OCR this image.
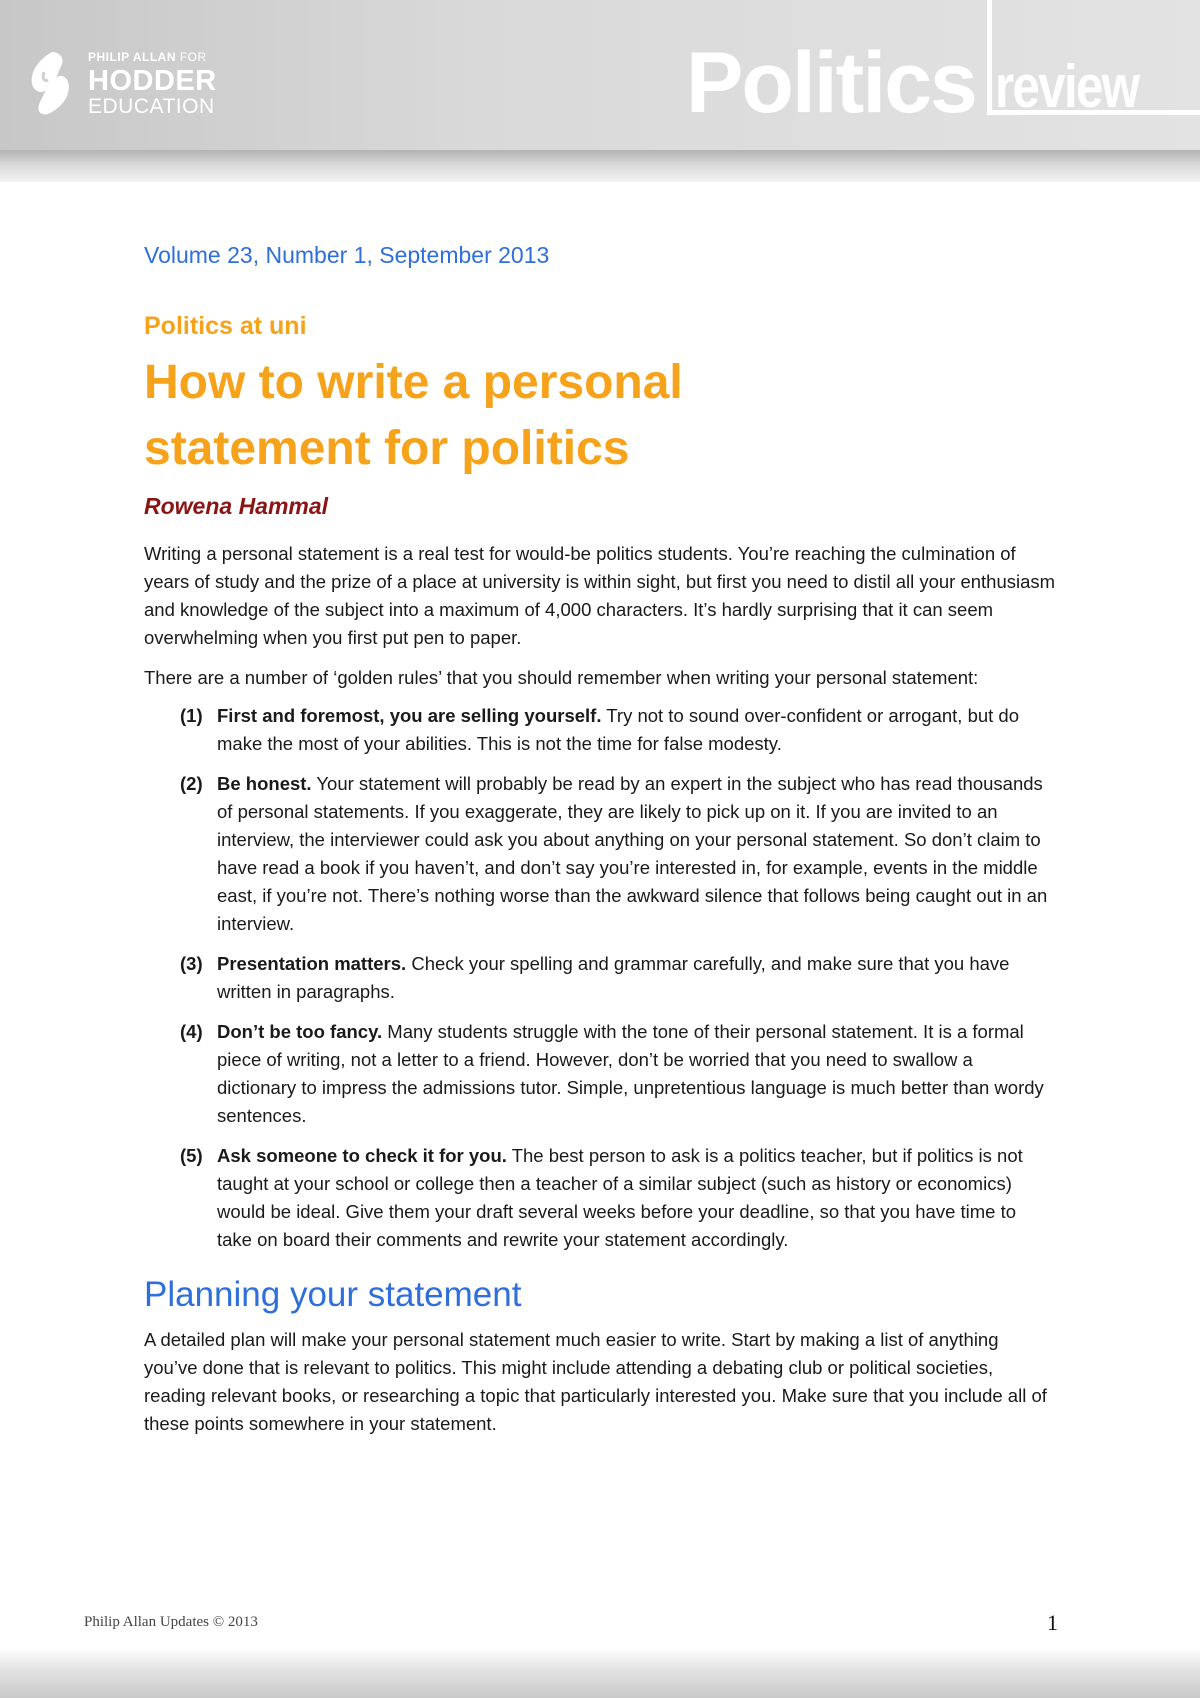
PHILIP ALLAN FOR
HODDER
EDUCATION	Politics review

Volume 23, Number 1, September 2013

Politics at uni

How to write a personal statement for politics

Rowena Hammal

Writing a personal statement is a real test for would-be politics students. You’re reaching the culmination of years of study and the prize of a place at university is within sight, but first you need to distil all your enthusiasm and knowledge of the subject into a maximum of 4,000 characters. It’s hardly surprising that it can seem overwhelming when you first put pen to paper.

There are a number of ‘golden rules’ that you should remember when writing your personal statement:

(1) First and foremost, you are selling yourself. Try not to sound over-confident or arrogant, but do make the most of your abilities. This is not the time for false modesty.
(2) Be honest. Your statement will probably be read by an expert in the subject who has read thousands of personal statements. If you exaggerate, they are likely to pick up on it. If you are invited to an interview, the interviewer could ask you about anything on your personal statement. So don’t claim to have read a book if you haven’t, and don’t say you’re interested in, for example, events in the middle east, if you’re not. There’s nothing worse than the awkward silence that follows being caught out in an interview.
(3) Presentation matters. Check your spelling and grammar carefully, and make sure that you have written in paragraphs.
(4) Don’t be too fancy. Many students struggle with the tone of their personal statement. It is a formal piece of writing, not a letter to a friend. However, don’t be worried that you need to swallow a dictionary to impress the admissions tutor. Simple, unpretentious language is much better than wordy sentences.
(5) Ask someone to check it for you. The best person to ask is a politics teacher, but if politics is not taught at your school or college then a teacher of a similar subject (such as history or economics) would be ideal. Give them your draft several weeks before your deadline, so that you have time to take on board their comments and rewrite your statement accordingly.
Planning your statement

A detailed plan will make your personal statement much easier to write. Start by making a list of anything you’ve done that is relevant to politics. This might include attending a debating club or political societies, reading relevant books, or researching a topic that particularly interested you. Make sure that you include all of these points somewhere in your statement.

Philip Allan Updates © 2013	1
